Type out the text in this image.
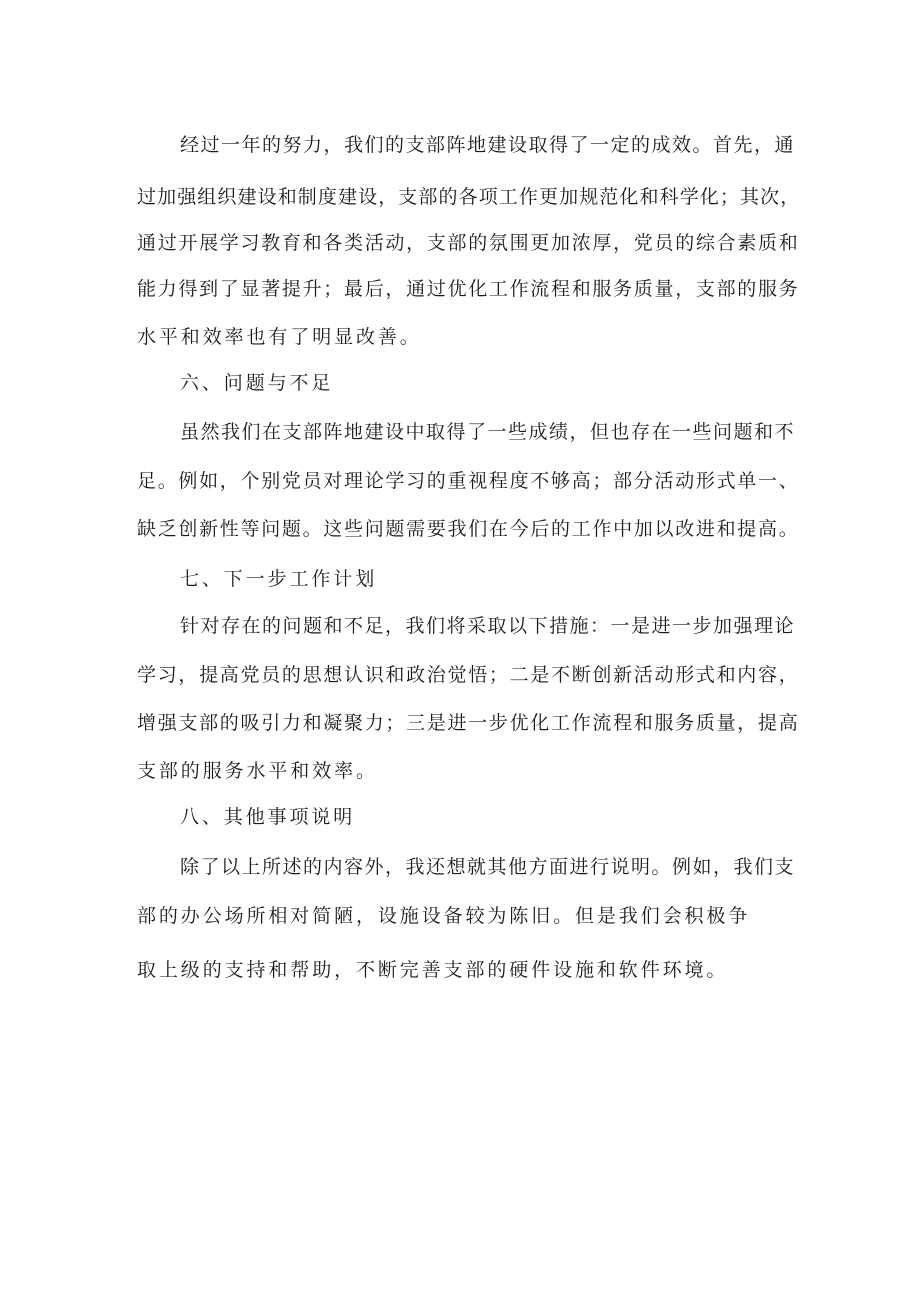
经过一年的努力，我们的支部阵地建设取得了一定的成效。首先，通

过加强组织建设和制度建设，支部的各项工作更加规范化和科学化；其次，

通过开展学习教育和各类活动，支部的氛围更加浓厚，党员的综合素质和

能力得到了显著提升；最后，通过优化工作流程和服务质量，支部的服务

水平和效率也有了明显改善。

六、问题与不足

虽然我们在支部阵地建设中取得了一些成绩，但也存在一些问题和不

足。例如，个别党员对理论学习的重视程度不够高；部分活动形式单一、

缺乏创新性等问题。这些问题需要我们在今后的工作中加以改进和提高。

七、下一步工作计划

针对存在的问题和不足，我们将采取以下措施：一是进一步加强理论

学习，提高党员的思想认识和政治觉悟；二是不断创新活动形式和内容，

增强支部的吸引力和凝聚力；三是进一步优化工作流程和服务质量，提高

支部的服务水平和效率。

八、其他事项说明

除了以上所述的内容外，我还想就其他方面进行说明。例如，我们支

部的办公场所相对简陋，设施设备较为陈旧。但是我们会积极争

取上级的支持和帮助，不断完善支部的硬件设施和软件环境。
